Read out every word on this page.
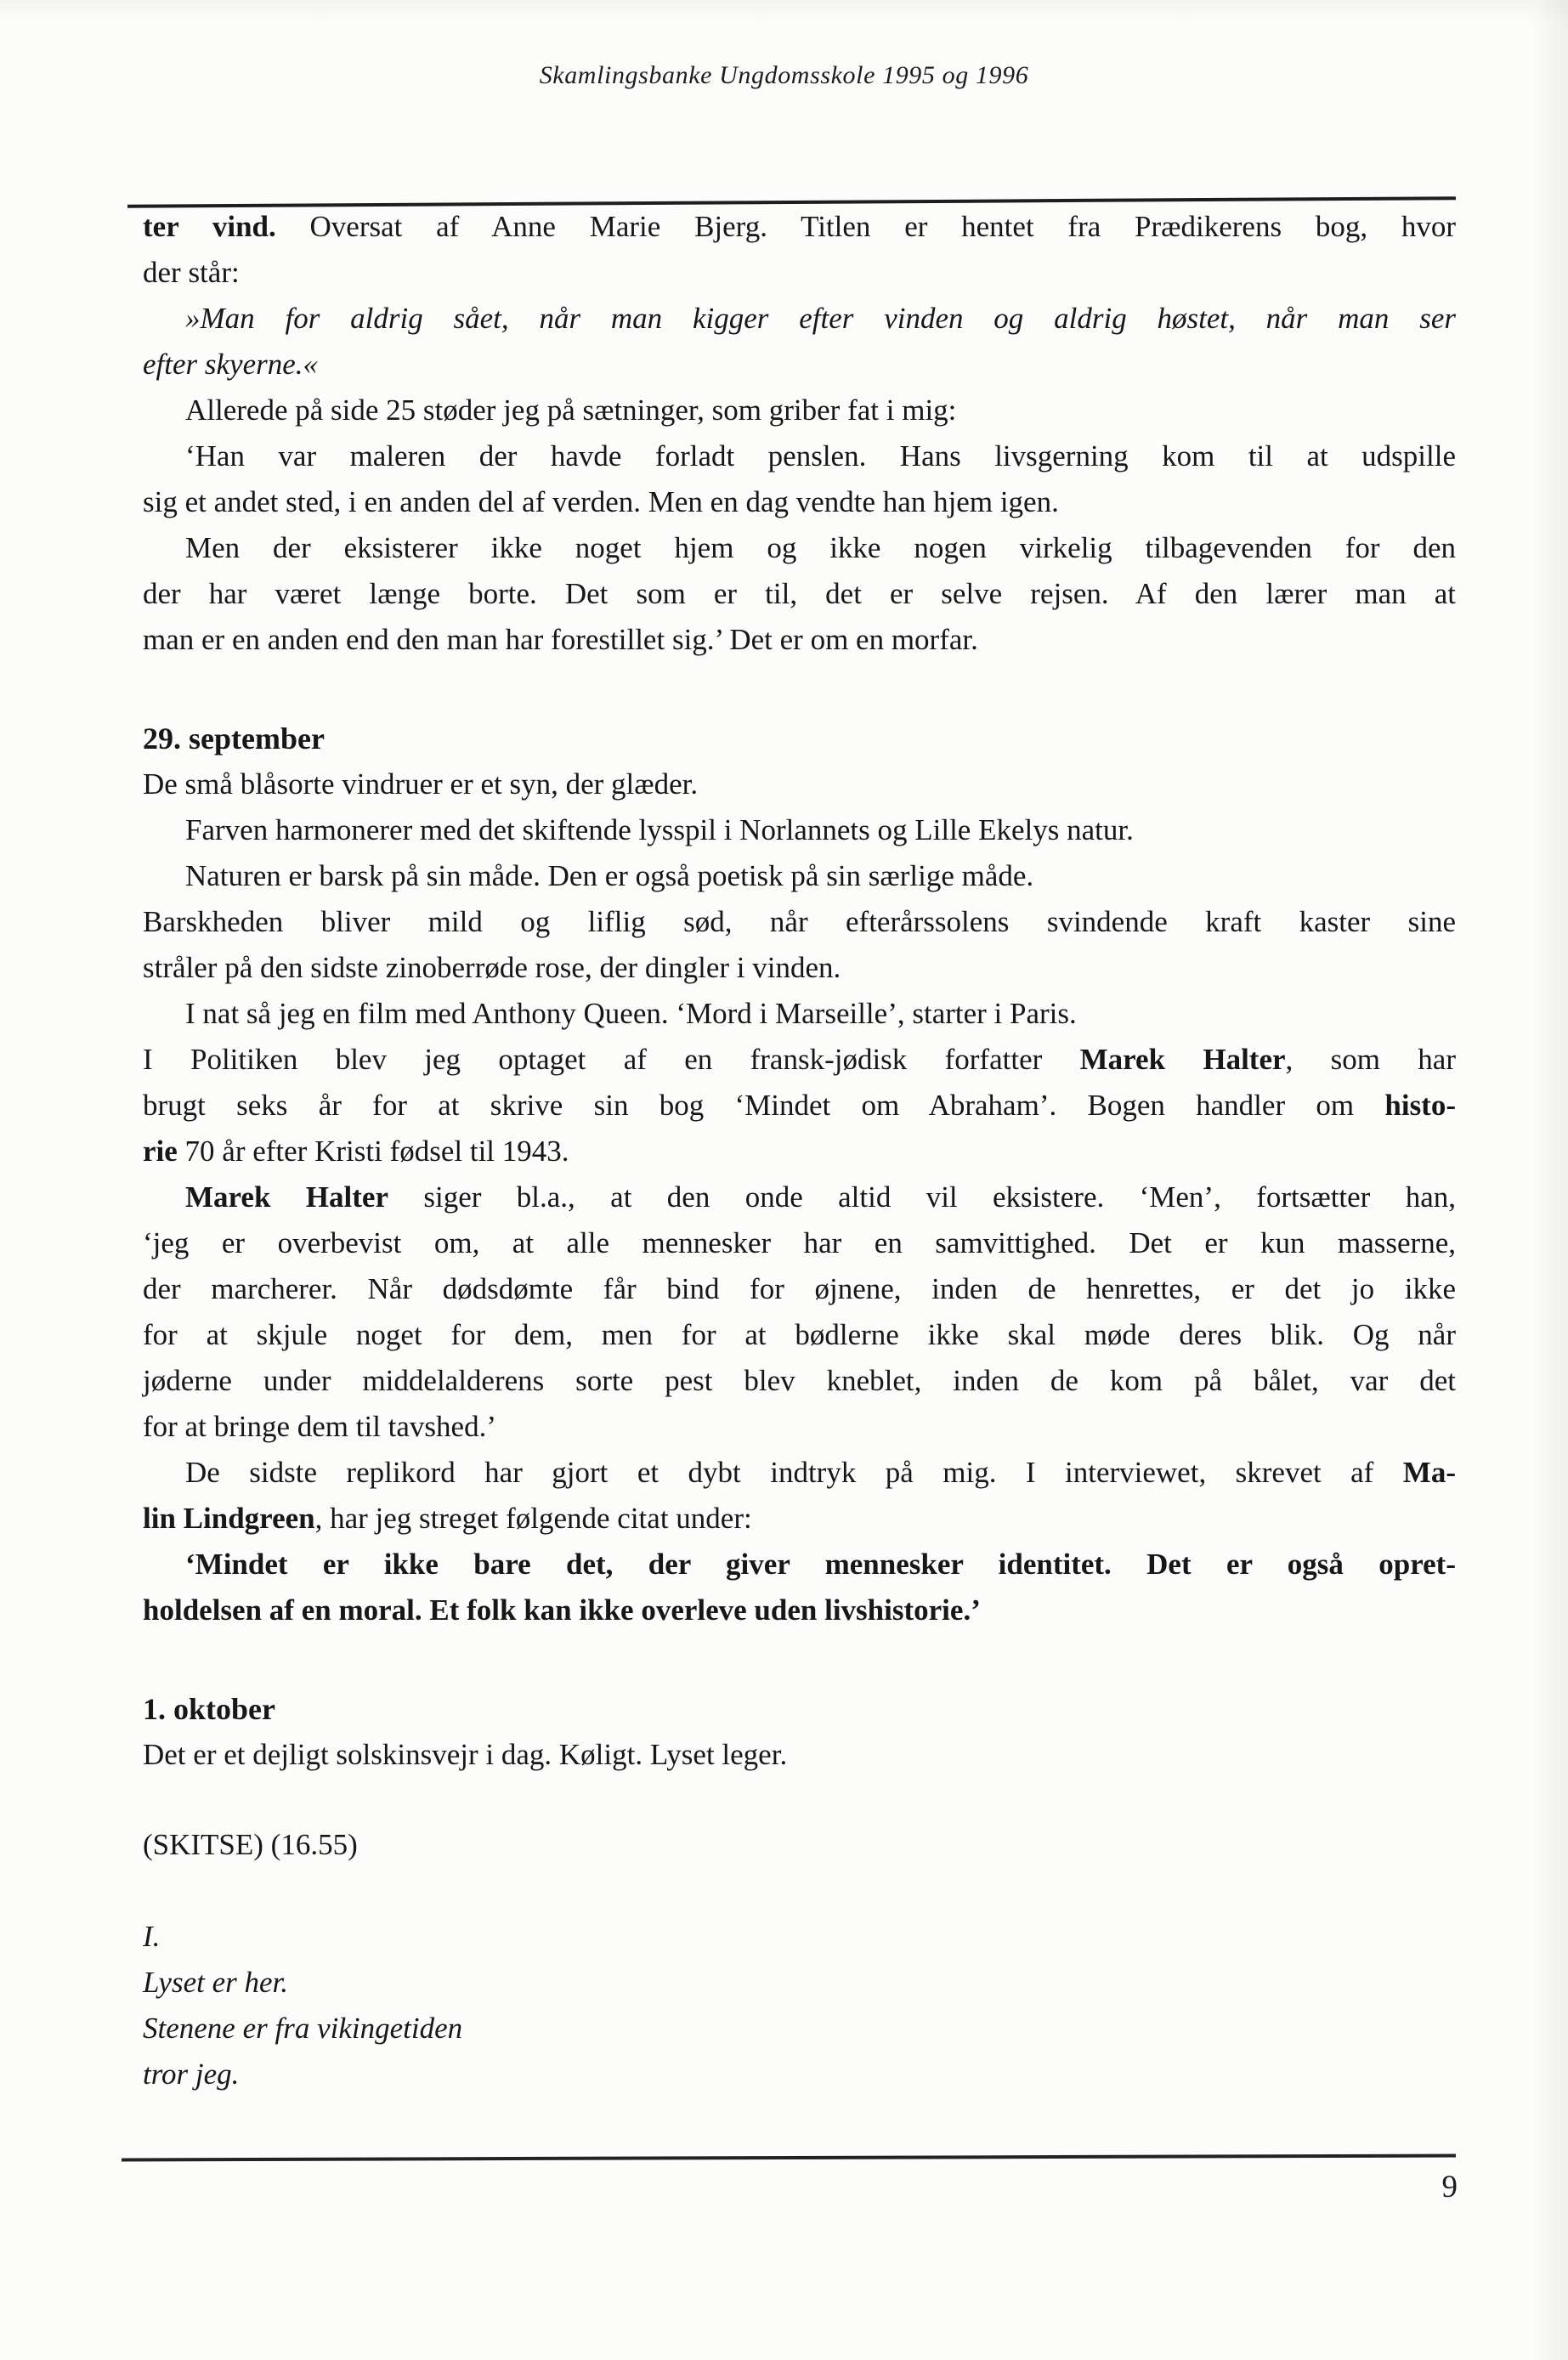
Skamlingsbanke Ungdomsskole 1995 og 1996

ter vind. Oversat af Anne Marie Bjerg. Titlen er hentet fra Prædikerens bog, hvor

der står:

»Man for aldrig sået, når man kigger efter vinden og aldrig høstet, når man ser

efter skyerne.«

Allerede på side 25 støder jeg på sætninger, som griber fat i mig:

‘Han var maleren der havde forladt penslen. Hans livsgerning kom til at udspille

sig et andet sted, i en anden del af verden. Men en dag vendte han hjem igen.

Men der eksisterer ikke noget hjem og ikke nogen virkelig tilbagevenden for den

der har været længe borte. Det som er til, det er selve rejsen. Af den lærer man at

man er en anden end den man har forestillet sig.’ Det er om en morfar.

29. september

De små blåsorte vindruer er et syn, der glæder.

Farven harmonerer med det skiftende lysspil i Norlannets og Lille Ekelys natur.

Naturen er barsk på sin måde. Den er også poetisk på sin særlige måde.

Barskheden bliver mild og liflig sød, når efterårssolens svindende kraft kaster sine

stråler på den sidste zinoberrøde rose, der dingler i vinden.

I nat så jeg en film med Anthony Queen. ‘Mord i Marseille’, starter i Paris.

I Politiken blev jeg optaget af en fransk-jødisk forfatter Marek Halter, som har

brugt seks år for at skrive sin bog ‘Mindet om Abraham’. Bogen handler om histo-

rie 70 år efter Kristi fødsel til 1943.

Marek Halter siger bl.a., at den onde altid vil eksistere. ‘Men’, fortsætter han,

‘jeg er overbevist om, at alle mennesker har en samvittighed. Det er kun masserne,

der marcherer. Når dødsdømte får bind for øjnene, inden de henrettes, er det jo ikke

for at skjule noget for dem, men for at bødlerne ikke skal møde deres blik. Og når

jøderne under middelalderens sorte pest blev kneblet, inden de kom på bålet, var det

for at bringe dem til tavshed.’

De sidste replikord har gjort et dybt indtryk på mig. I interviewet, skrevet af Ma-

lin Lindgreen, har jeg streget følgende citat under:

‘Mindet er ikke bare det, der giver mennesker identitet. Det er også opret-

holdelsen af en moral. Et folk kan ikke overleve uden livshistorie.’

1. oktober

Det er et dejligt solskinsvejr i dag. Køligt. Lyset leger.

(SKITSE) (16.55)

I.

Lyset er her.

Stenene er fra vikingetiden

tror jeg.

9
